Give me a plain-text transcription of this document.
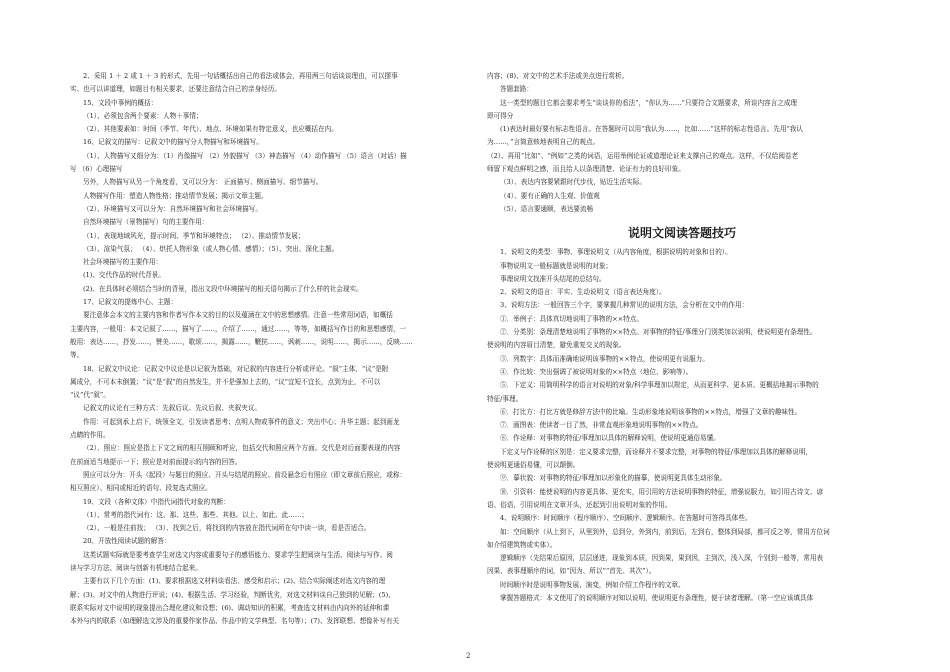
2、采用 1 ＋ 2 或 1 ＋ 3 的形式，先用一句话概括出自己的看法或体会，再用两三句话谈谈理由，可以摆事
实、也可以讲道理，如题目有相关要求，还要注意结合自己的亲身经历。
15、文段中事例的概括：
（1）、必须包含两个要素：人物＋事情；
（2）、其他要素如：时间（季节、年代）、地点、环境如果有特定意义，也应概括在内。
16、记叙文的描写：记叙文中的描写分人物描写和环境描写。
（1）、人物描写又细分为：（1）肖像描写 （2）外貌描写 （3）神态描写 （4）动作描写 （5）语言（对话）描
写 （6）心理描写
另外，人物描写从另一个角度看，又可以分为： 正面描写、侧面描写、细节描写。
人物描写作用：塑造人物性格；推动情节发展；揭示文章主题。
（2）、环境描写又可以分为：自然环境描写和社会环境描写。
自然环境描写（景物描写）句的主要作用：
（1）、表现地域风光，提示时间、季节和环境特点； （2）、推动情节发展；
（3）、渲染气氛； （4）、烘托人物形象（或人物心情、感情）；（5）、突出、深化主题。
社会环境描写的主要作用：
(1)、交代作品的时代背景。
(2)、在具体时必须结合当时的背景，指出文段中环境描写的相关语句揭示了什么样的社会现实。
17、记叙文的提炼中心、主题：
要注意体会本文的主要内容和作者写作本文的目的以及蕴涵在文中的思想感情。注意一些常用词语，如概括
主要内容，一般用：本文记叙了……，描写了……，介绍了……，通过……，等等，如概括写作目的和思想感情，一
般用：表达……，抒发……，赞美……，歌颂……，揭露……，鞭挞……，讽刺……，说明……，揭示……，反映……
等。
18、记叙文中议论：记叙文中议论是以记叙为基础，对记叙的内容进行分析或评论。“叙”主体，“议”是附
属成分，不可本末倒置；“议”是“叙”的自然发生，并不是强加上去的，“议”宜短不宜长，点到为止，不可以
“议”代“叙”。
记叙文的议论有三种方式：先叙后议、先议后叙、夹叙夹议。
作用：可起到承上启下，统领全文，引发读者思考；点明人物或事件的意义；突出中心；升华主题；起到画龙
点睛的作用。
（2）、照应：照应是指上下文之间的相互照顾和呼应，包括交代和照应两个方面。交代是对后面要表现的内容
在前面适当地提示一下；照应是对前面提示的内容的回答。
照应可以分为：开头（起段）与题目的照应、开头与结尾的照应、前设悬念后有照应（即文章前后照应，或称：
相互照应）、相同或相近的语句、段复选式照应。
19、文段（各种文体）中指代词指代对象的判断：
（1）、常考的指代词有：这、那、这些、那些、其他、以上、如此、此……；
（2）、一般是往前找； （3）、找到之后，将找到的内容放在指代词所在句中读一读，看是否适合。
20、开放性阅读试题的解答：
这类试题实际就是要考查学生对选文内容或重要句子的感悟能力、要求学生把阅读与生活、阅读与写作、阅
读与学习方法、阅读与创新有机地结合起来。
主要有以下几个方面：(1)、要求根据选文材料谈看法、感受和启示；(2)、结合实际阐述对选文内容的理
解；(3)、对文中的人物进行评说；(4)、根据生活、学习经验，判断优劣，对选文材料谈自己独到的见解；(5)、
联系实际对文中说明的现象提出合理化建议和设想；(6)、调动知识的积累，考查选文材料由内向外的延伸和课
本外与内的联系（如理解选文涉及的重要作家作品、作品中的文学典型、名句等）；(7)、发挥联想、想像补写有关
内容；(8)、对文中的艺术手法或美点进行赏析。
答题套路：
这一类型的题目它都会要求考生“谈谈你的看法”，“你认为……”只要符合文题要求，所谈内容言之成理
即可得分
(1)表达时最好要有标志性语言。在答题时可以用“我认为……，比如……”这样的标志性语言。先用“我认
为……，”言简意赅地表明自己的观点。
（2）、再用“比如”、“例如”之类的词语，运用举例论证或道理论证来支撑自己的观点。这样，不仅给阅卷老
师留下观点鲜明之感，而且给人以条理清楚、论证有力的良好印象。
（3）、表达内容要紧跟时代步伐，贴近生活实际。
（4）、要有正确的人生观、价值观
（5）、语言要通顺，表达要流畅
说明文阅读答题技巧
1、说明文的类型：事物、事理说明文（从内容角度，根据说明的对象和目的）。
事物说明文一般标题就是说明的对象；
事理说明文找准开头结尾的总结句。
2、说明文的语言：平实、生动说明文（语言表达角度）。
3、说明方法：一般回答三个字，要掌握几种常见的说明方法，会分析在文中的作用：
①．举例子：具体真切地说明了事物的××特点。
②．分类别：条理清楚地说明了事物的××特点。对事物的特征/事理分门别类加以说明，使说明更有条理性。
使说明的内容眉目清楚，避免重复交叉的现象。
③．列数字：具体而准确地说明该事物的××特点，使说明更有说服力。
④．作比较：突出强调了被说明对象的××特点（地位、影响等）。
⑤．下定义：用简明科学的语言对说明的对象/科学事理加以规定，从而更科学、更本质、更概括地揭示事物的
特征/事理。
⑥．打比方：打比方就是修辞方法中的比喻。生动形象地说明该事物的××特点，增强了文章的趣味性。
⑦．画图表：使读者一目了然，非常直观形象地说明事物的××特点。
⑧．作诠释：对事物的特征/事理加以具体的解释说明，使说明更通俗易懂。
下定义与作诠释的区别是：定义要求完整，而诠释并不要求完整，对事物的特征/事理加以具体的解释说明，
使说明更通俗易懂，可以颠倒。
⑨．摹状貌：对事物的特征/事理加以形象化的描摹，使说明更具体生动形象。
⑩．引资料：能使说明的内容更具体、更充实，用引用的方法说明事物的特征，增强说服力，如引用古诗文、谚
语、俗语，引用说明在文章开头，还起到引出说明对象的作用。
4、说明顺序：时间顺序（程序顺序）、空间顺序、逻辑顺序。在答题时可答得具体些。
如：空间顺序（从上到下，从里到外，总到分，外到内，前到后，左到右，整体到局部，都可反之等，常用方位词
如介绍建筑物或实体）。
逻辑顺序（先结果后原因，层层递进，现象到本质，因到果，果到因，主到次，浅入深，个别到一般等，常用表
因果、表事理顺序的词，如“因为、所以”“首先、其次”）。
时间顺序时是说明事物发展、演变，例如介绍工作程序的文章。
掌握答题格式：本文使用了的说明顺序对知以说明，使说明更有条理性，便于读者理解。（第一空应该填具体
2
